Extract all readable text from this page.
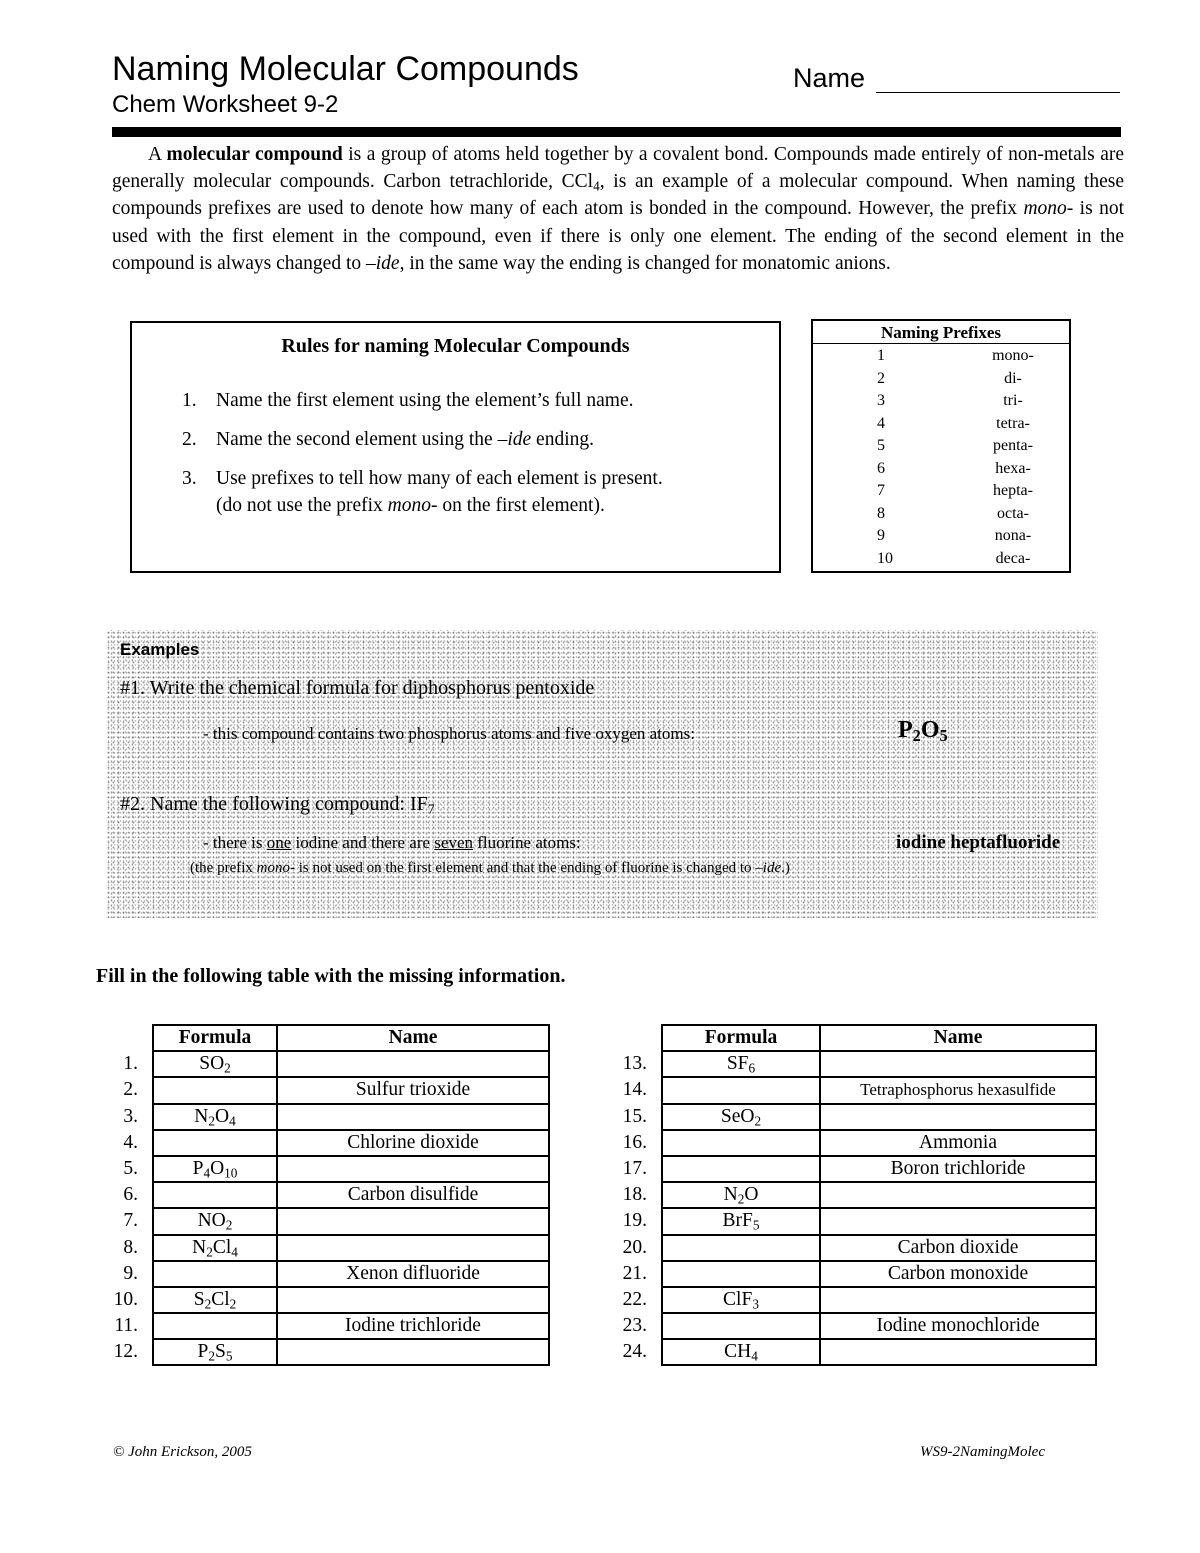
Naming Molecular Compounds
Chem Worksheet 9-2
Name
A molecular compound is a group of atoms held together by a covalent bond. Compounds made entirely of non-metals are generally molecular compounds. Carbon tetrachloride, CCl$_4$, is an example of a molecular compound. When naming these compounds prefixes are used to denote how many of each atom is bonded in the compound. However, the prefix mono- is not used with the first element in the compound, even if there is only one element. The ending of the second element in the compound is always changed to –ide, in the same way the ending is changed for monatomic anions.
Rules for naming Molecular Compounds
1. Name the first element using the element’s full name.
2. Name the second element using the –ide ending.
3. Use prefixes to tell how many of each element is present.
(do not use the prefix mono- on the first element).
Naming Prefixes
1	mono-
2	di-
3	tri-
4	tetra-
5	penta-
6	hexa-
7	hepta-
8	octa-
9	nona-
10	deca-
Examples
#1. Write the chemical formula for diphosphorus pentoxide
- this compound contains two phosphorus atoms and five oxygen atoms:	$P_2O_5$
#2. Name the following compound: $IF_7$
- there is one iodine and there are seven fluorine atoms:	iodine heptafluoride
(the prefix mono- is not used on the first element and that the ending of fluorine is changed to –ide.)
Fill in the following table with the missing information.
	Formula	Name
1.	$SO_2$	
2.		Sulfur trioxide
3.	$N_2O_4$	
4.		Chlorine dioxide
5.	$P_4O_{10}$	
6.		Carbon disulfide
7.	$NO_2$	
8.	$N_2Cl_4$	
9.		Xenon difluoride
10.	$S_2Cl_2$	
11.		Iodine trichloride
12.	$P_2S_5$	
	Formula	Name
13.	$SF_6$	
14.		Tetraphosphorus hexasulfide
15.	SeO$_2$	
16.		Ammonia
17.		Boron trichloride
18.	$N_2O$	
19.	BrF$_5$	
20.		Carbon dioxide
21.		Carbon monoxide
22.	ClF$_3$	
23.		Iodine monochloride
24.	$CH_4$	
© John Erickson, 2005	WS9-2NamingMolec
